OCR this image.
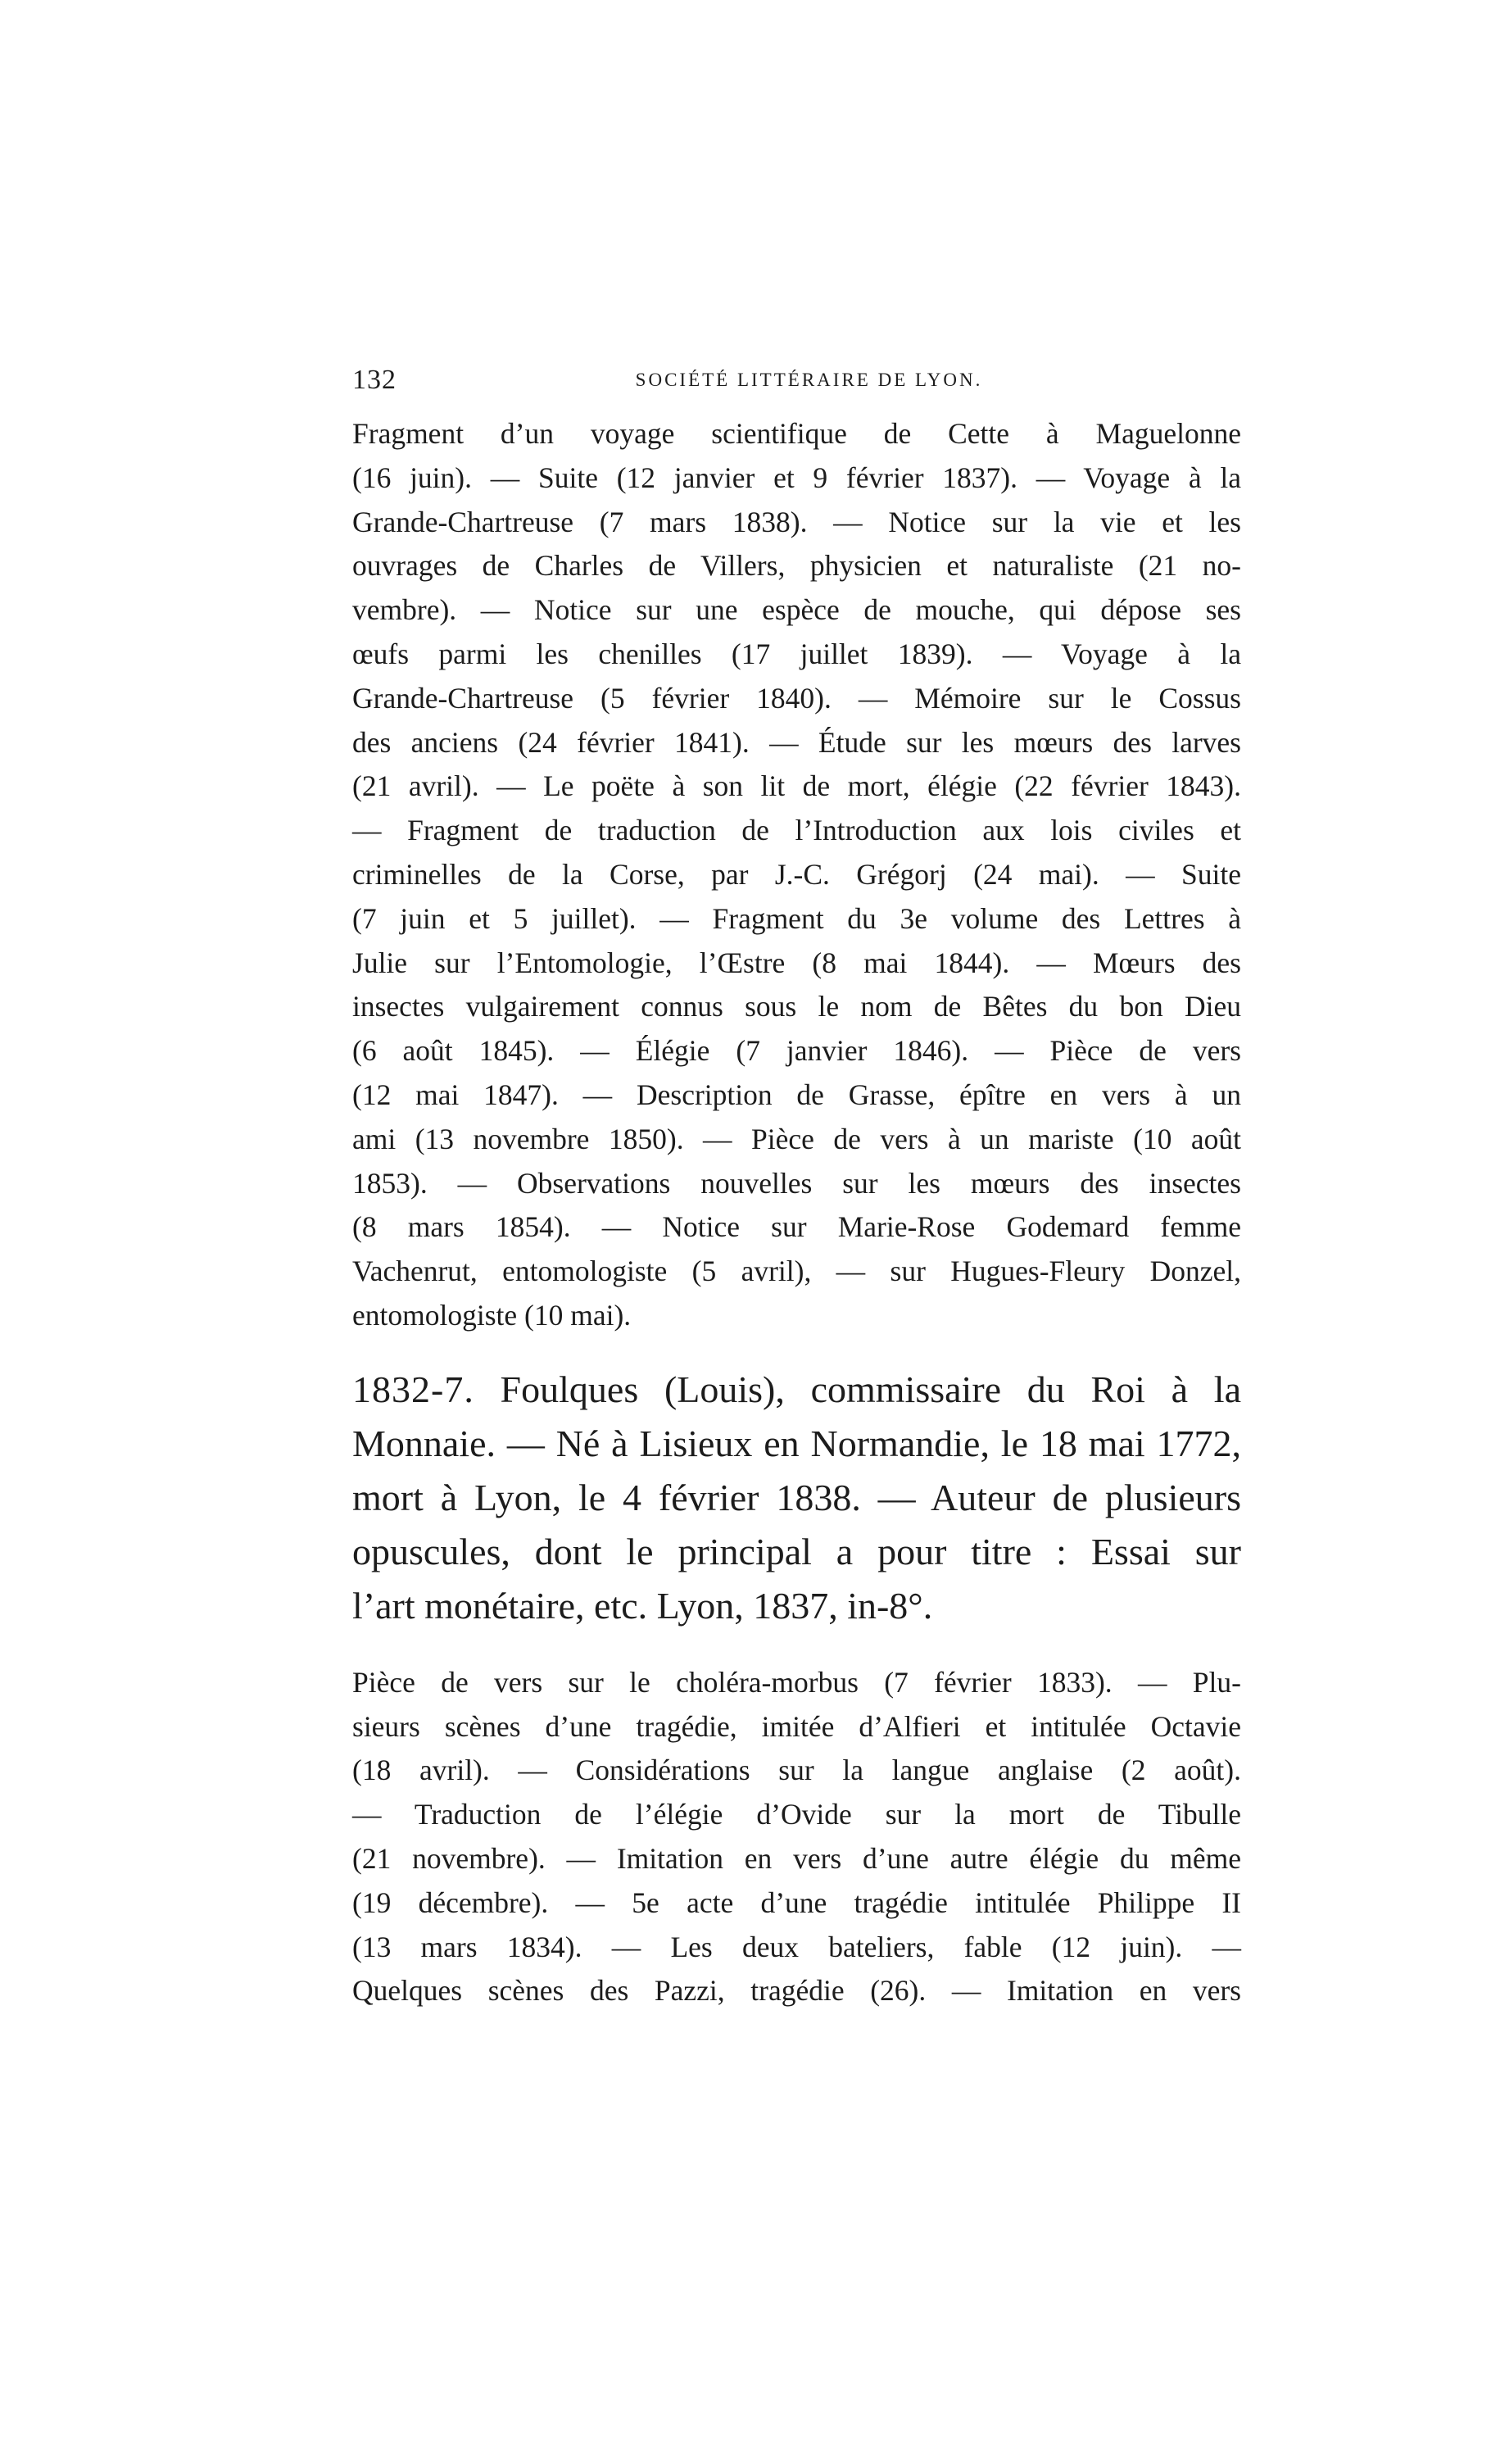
132	SOCIÉTÉ LITTÉRAIRE DE LYON.
Fragment d’un voyage scientifique de Cette à Maguelonne
(16 juin). — Suite (12 janvier et 9 février 1837). — Voyage à la
Grande-Chartreuse (7 mars 1838). — Notice sur la vie et les
ouvrages de Charles de Villers, physicien et naturaliste (21 no-
vembre). — Notice sur une espèce de mouche, qui dépose ses
œufs parmi les chenilles (17 juillet 1839). — Voyage à la
Grande-Chartreuse (5 février 1840). — Mémoire sur le Cossus
des anciens (24 février 1841). — Étude sur les mœurs des larves
(21 avril). — Le poëte à son lit de mort, élégie (22 février 1843).
— Fragment de traduction de l’Introduction aux lois civiles et
criminelles de la Corse, par J.-C. Grégorj (24 mai). — Suite
(7 juin et 5 juillet). — Fragment du 3e volume des Lettres à
Julie sur l’Entomologie, l’Œstre (8 mai 1844). — Mœurs des
insectes vulgairement connus sous le nom de Bêtes du bon Dieu
(6 août 1845). — Élégie (7 janvier 1846). — Pièce de vers
(12 mai 1847). — Description de Grasse, épître en vers à un
ami (13 novembre 1850). — Pièce de vers à un mariste (10 août
1853). — Observations nouvelles sur les mœurs des insectes
(8 mars 1854). — Notice sur Marie-Rose Godemard femme
Vachenrut, entomologiste (5 avril), — sur Hugues-Fleury Donzel,
entomologiste (10 mai).
1832-7. Foulques (Louis), commissaire du Roi à la
Monnaie. — Né à Lisieux en Normandie, le 18 mai 1772,
mort à Lyon, le 4 février 1838. — Auteur de plusieurs
opuscules, dont le principal a pour titre : Essai sur
l’art monétaire, etc. Lyon, 1837, in-8°.
Pièce de vers sur le choléra-morbus (7 février 1833). — Plu-
sieurs scènes d’une tragédie, imitée d’Alfieri et intitulée Octavie
(18 avril). — Considérations sur la langue anglaise (2 août).
— Traduction de l’élégie d’Ovide sur la mort de Tibulle
(21 novembre). — Imitation en vers d’une autre élégie du même
(19 décembre). — 5e acte d’une tragédie intitulée Philippe II
(13 mars 1834). — Les deux bateliers, fable (12 juin). —
Quelques scènes des Pazzi, tragédie (26). — Imitation en vers
